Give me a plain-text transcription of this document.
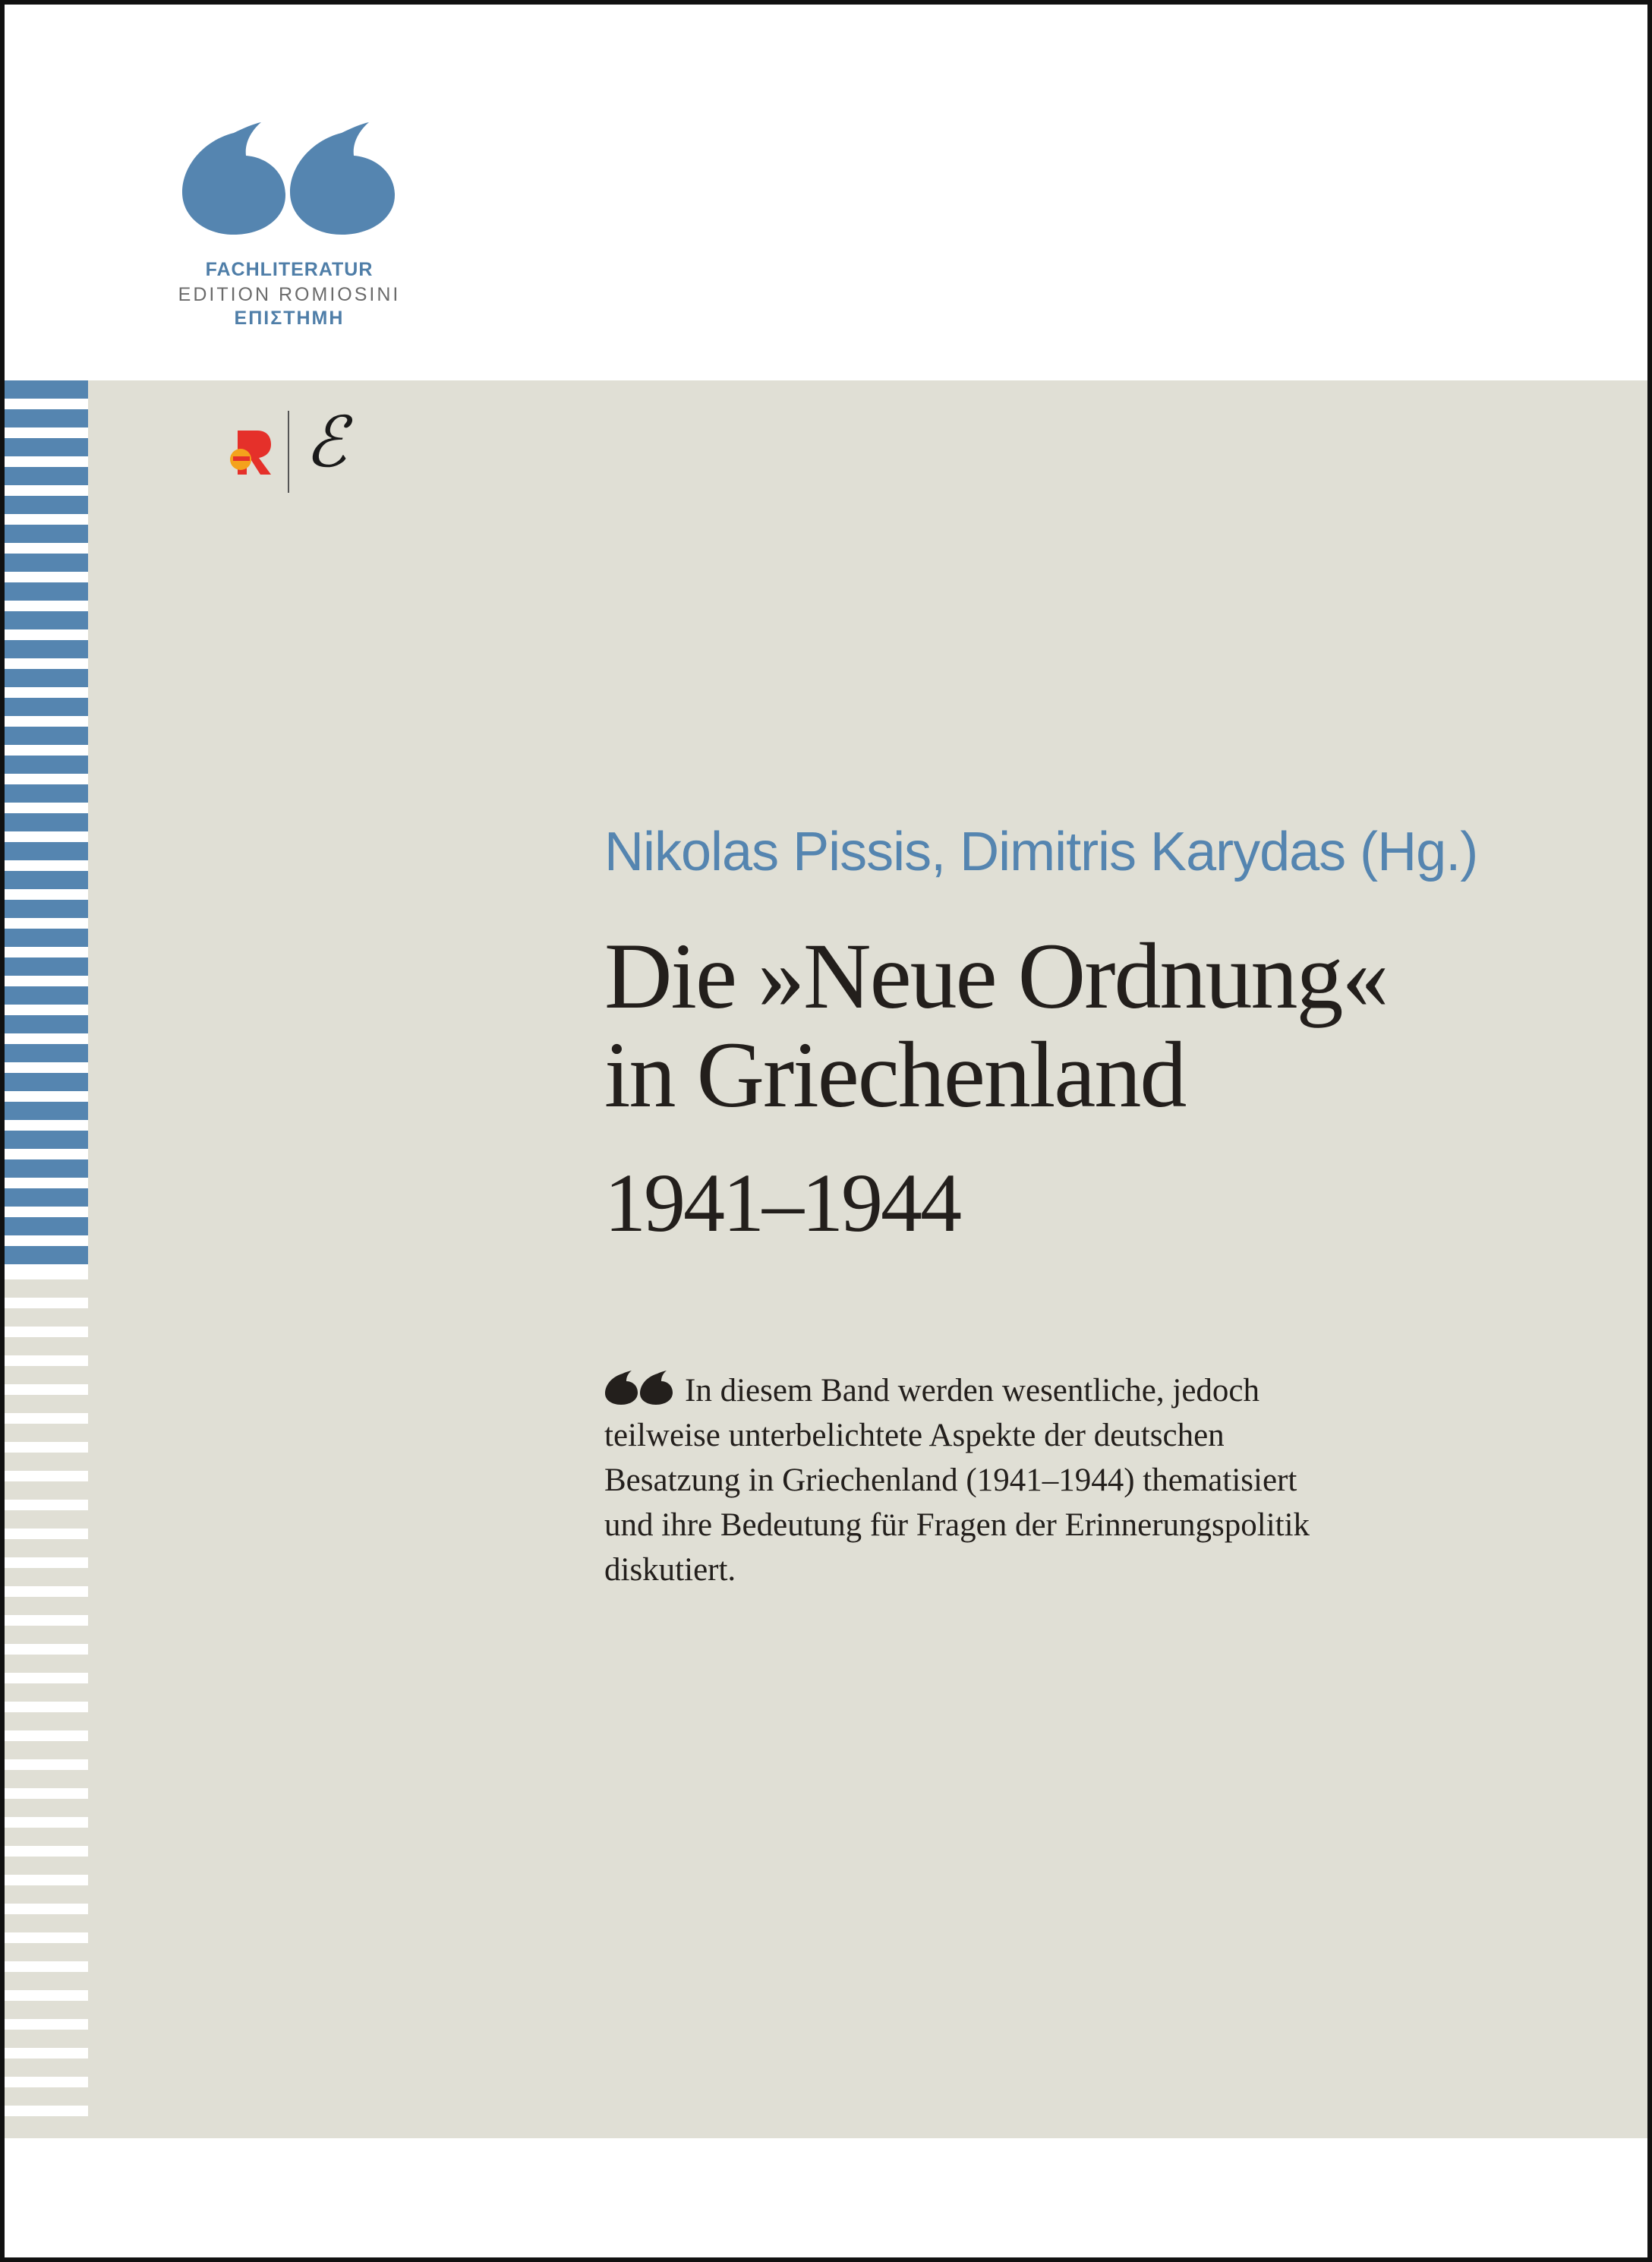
FACHLITERATUR
EDITION ROMIOSINI
ΕΠΙΣΤΗΜΗ
ℰ
Nikolas Pissis, Dimitris Karydas (Hg.)
Die »Neue Ordnung«
in Griechenland
1941–1944
In diesem Band werden wesentliche, jedoch
teilweise unterbelichtete Aspekte der deutschen
Besatzung in Griechenland (1941–1944) thematisiert
und ihre Bedeutung für Fragen der Erinnerungspolitik
diskutiert.
